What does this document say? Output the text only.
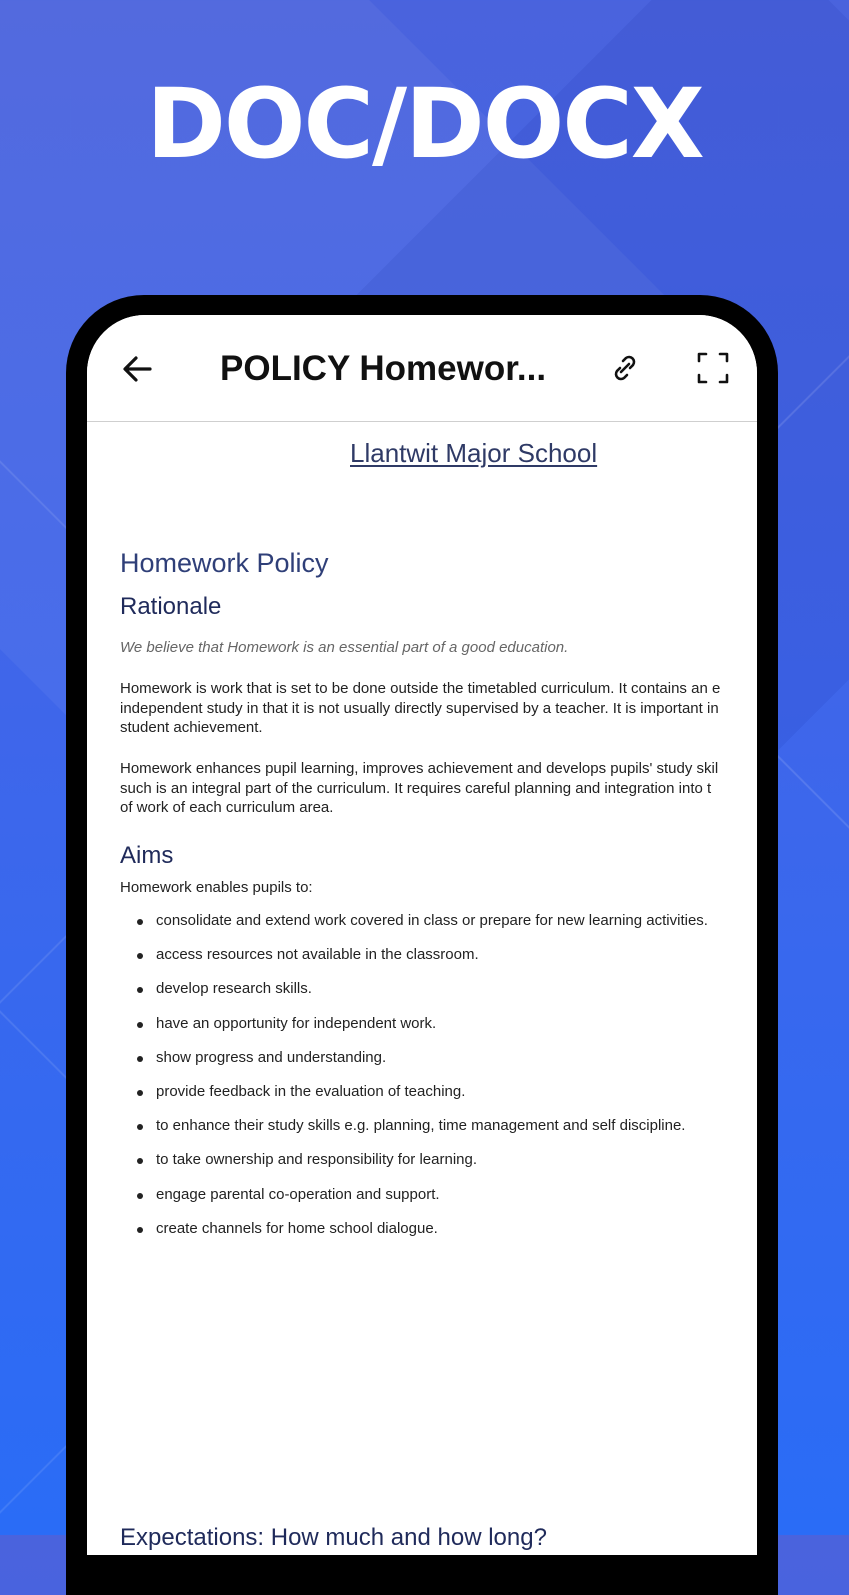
DOC/DOCX
POLICY Homewor...
Llantwit Major School
Homework Policy
Rationale
We believe that Homework is an essential part of a good education.
Homework is work that is set to be done outside the timetabled curriculum. It contains an e
independent study in that it is not usually directly supervised by a teacher. It is important in
student achievement.
Homework enhances pupil learning, improves achievement and develops pupils' study skil
such is an integral part of the curriculum. It requires careful planning and integration into t
of work of each curriculum area.
Aims
Homework enables pupils to:
consolidate and extend work covered in class or prepare for new learning activities.
access resources not available in the classroom.
develop research skills.
have an opportunity for independent work.
show progress and understanding.
provide feedback in the evaluation of teaching.
to enhance their study skills e.g. planning, time management and self discipline.
to take ownership and responsibility for learning.
engage parental co-operation and support.
create channels for home school dialogue.
Expectations: How much and how long?
